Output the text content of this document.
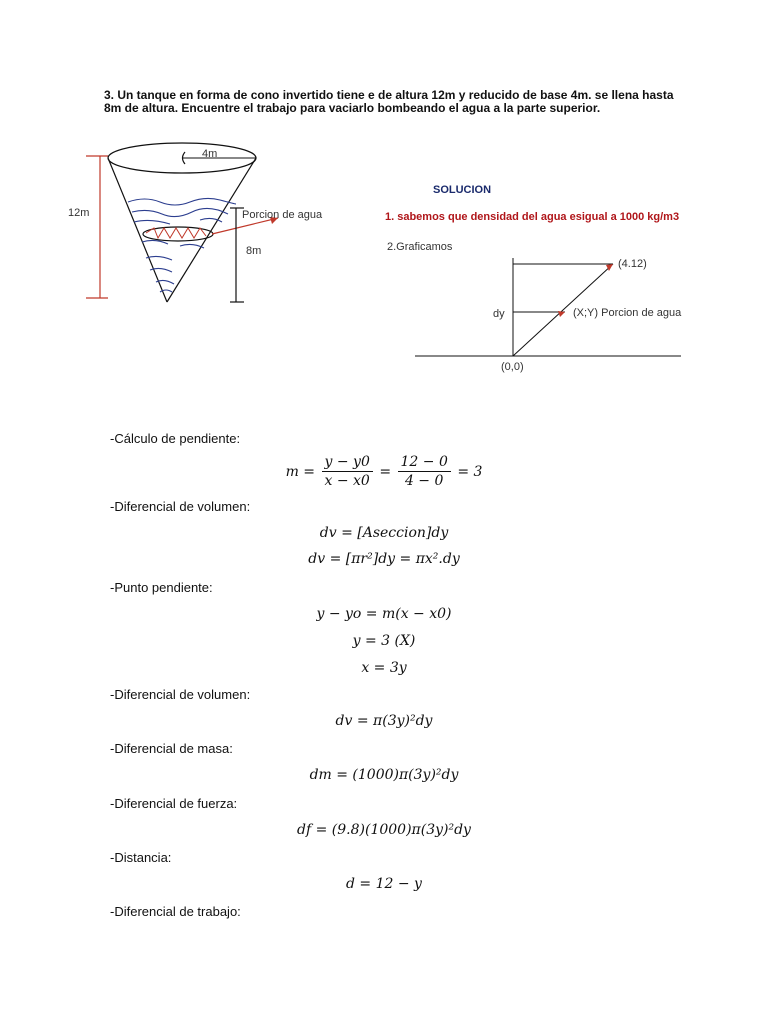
3. Un tanque en forma de cono invertido tiene e de altura 12m y reducido de base 4m. se llena hasta
8m de altura. Encuentre el trabajo para vaciarlo bombeando el agua a la parte superior.
4m
12m	Porcion de agua
8m
SOLUCION
1. sabemos que densidad del agua esigual a 1000 kg/m3
2.Graficamos
(4.12)
dy	(X;Y) Porcion de agua
(0,0)
-Cálculo de pendiente:
-Diferencial de volumen:
-Punto pendiente:
-Diferencial de volumen:
-Diferencial de masa:
-Diferencial de fuerza:
-Distancia:
-Diferencial de trabajo:
$m = \frac{y - y0}{x - x0} = \frac{12 - 0}{4 - 0} = 3$
dv = [Aseccion]dy
dv = [πr²]dy = πx².dy
y − yo = m(x − x0)
y = 3 (X)
x = 3y
dv = π(3y)²dy
dm = (1000)π(3y)²dy
df = (9.8)(1000)π(3y)²dy
d = 12 − y
